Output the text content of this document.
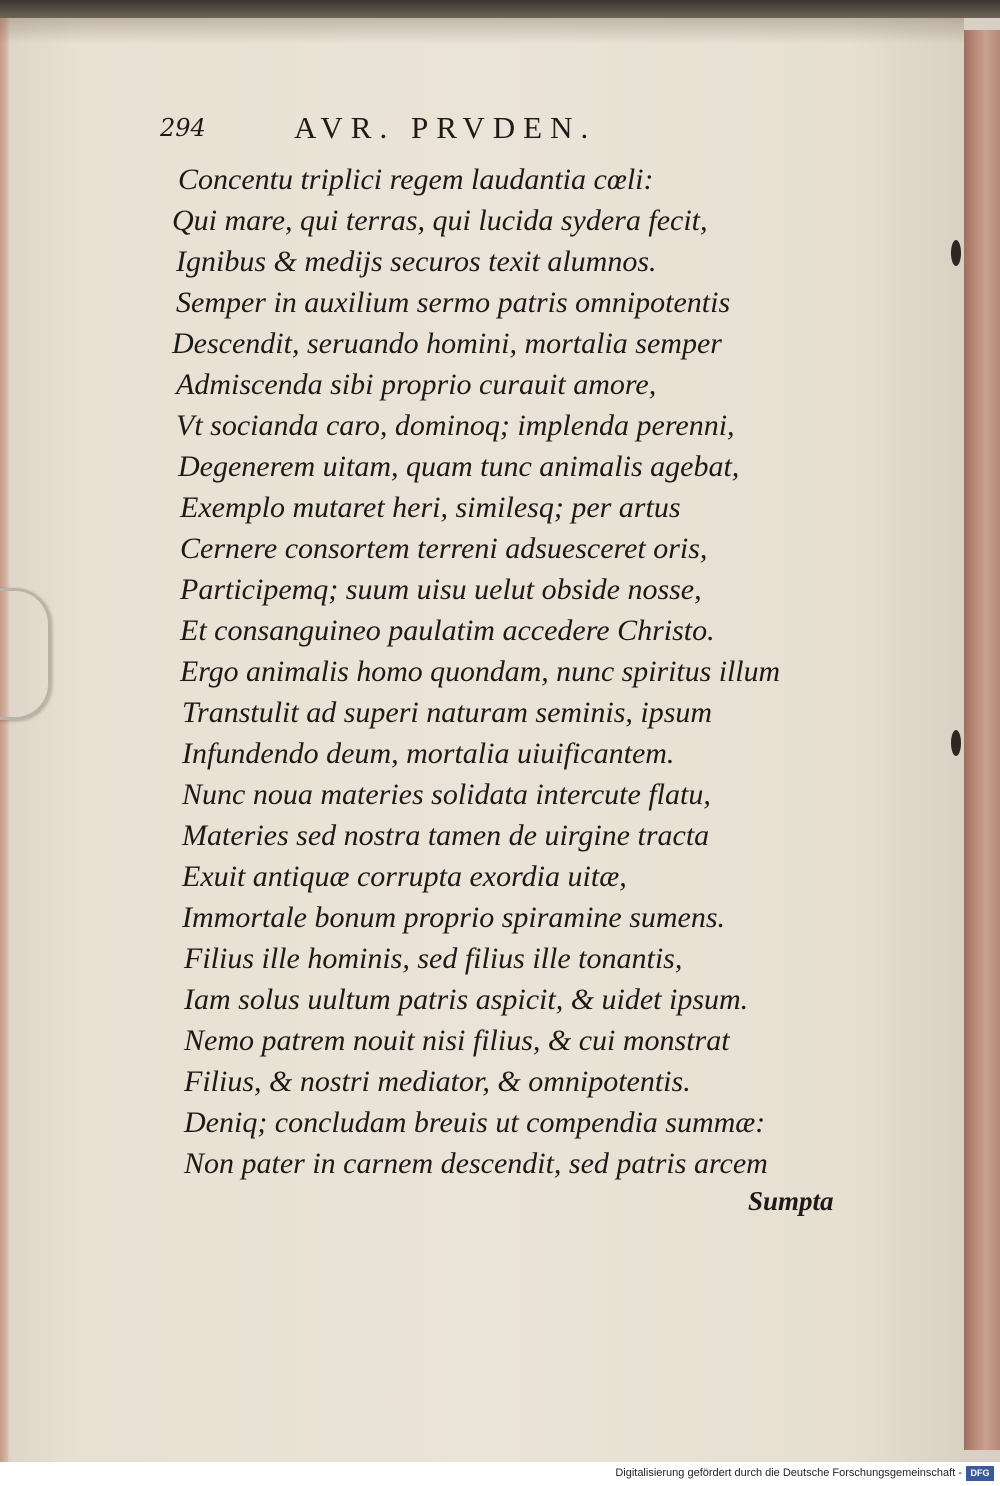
294	AVR. PRVDEN.
Concentu triplici regem laudantia cœli:
Qui mare, qui terras, qui lucida sydera fecit,
Ignibus & medijs securos texit alumnos.
Semper in auxilium sermo patris omnipotentis
Descendit, seruando homini, mortalia semper
Admiscenda sibi proprio curauit amore,
Vt socianda caro, dominoq; implenda perenni,
Degenerem uitam, quam tunc animalis agebat,
Exemplo mutaret heri, similesq; per artus
Cernere consortem terreni adsuesceret oris,
Participemq; suum uisu uelut obside nosse,
Et consanguineo paulatim accedere Christo.
Ergo animalis homo quondam, nunc spiritus illum
Transtulit ad superi naturam seminis, ipsum
Infundendo deum, mortalia uiuificantem.
Nunc noua materies solidata intercute flatu,
Materies sed nostra tamen de uirgine tracta
Exuit antiquæ corrupta exordia uitæ,
Immortale bonum proprio spiramine sumens.
Filius ille hominis, sed filius ille tonantis,
Iam solus uultum patris aspicit, & uidet ipsum.
Nemo patrem nouit nisi filius, & cui monstrat
Filius, & nostri mediator, & omnipotentis.
Deniq; concludam breuis ut compendia summæ:
Non pater in carnem descendit, sed patris arcem
Sumpta
Digitalisierung gefördert durch die Deutsche Forschungsgemeinschaft - DFG
